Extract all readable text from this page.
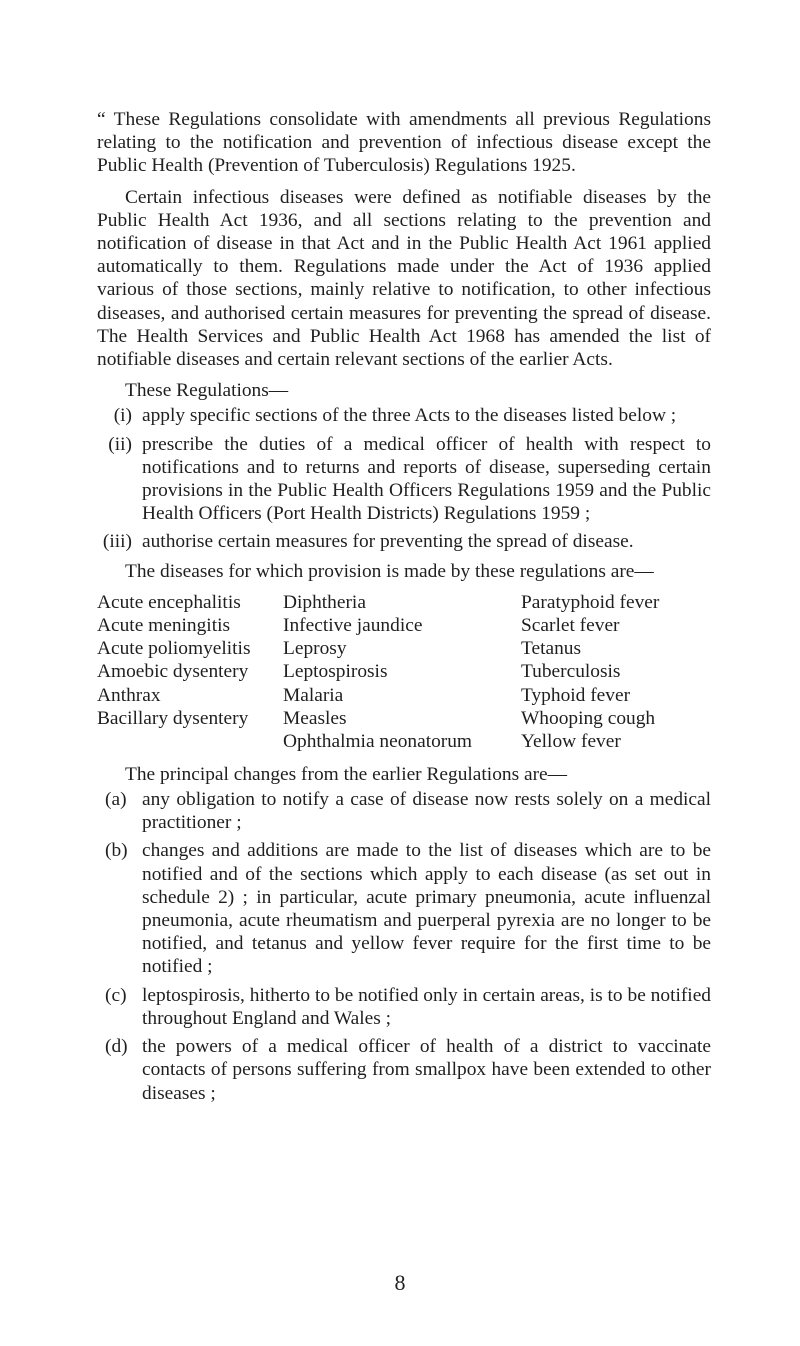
“ These Regulations consolidate with amendments all previous Regulations relating to the notification and prevention of infectious disease except the Public Health (Prevention of Tuberculosis) Regulations 1925.

Certain infectious diseases were defined as notifiable diseases by the Public Health Act 1936, and all sections relating to the prevention and notification of disease in that Act and in the Public Health Act 1961 applied automatically to them. Regulations made under the Act of 1936 applied various of those sections, mainly relative to notification, to other infectious diseases, and authorised certain measures for preventing the spread of disease. The Health Services and Public Health Act 1968 has amended the list of notifiable diseases and certain relevant sections of the earlier Acts.

These Regulations—

(i) apply specific sections of the three Acts to the diseases listed below ;
(ii) prescribe the duties of a medical officer of health with respect to notifications and to returns and reports of disease, superseding certain provisions in the Public Health Officers Regulations 1959 and the Public Health Officers (Port Health Districts) Regulations 1959 ;
(iii) authorise certain measures for preventing the spread of disease.

The diseases for which provision is made by these regulations are—

Acute encephalitis
Acute meningitis
Acute poliomyelitis
Amoebic dysentery
Anthrax
Bacillary dysentery
Diphtheria
Infective jaundice
Leprosy
Leptospirosis
Malaria
Measles
Ophthalmia neonatorum
Paratyphoid fever
Scarlet fever
Tetanus
Tuberculosis
Typhoid fever
Whooping cough
Yellow fever

The principal changes from the earlier Regulations are—

(a) any obligation to notify a case of disease now rests solely on a medical practitioner ;
(b) changes and additions are made to the list of diseases which are to be notified and of the sections which apply to each disease (as set out in schedule 2) ; in particular, acute primary pneumonia, acute influenzal pneumonia, acute rheumatism and puerperal pyrexia are no longer to be notified, and tetanus and yellow fever require for the first time to be notified ;
(c) leptospirosis, hitherto to be notified only in certain areas, is to be notified throughout England and Wales ;
(d) the powers of a medical officer of health of a district to vaccinate contacts of persons suffering from smallpox have been extended to other diseases ;
8
